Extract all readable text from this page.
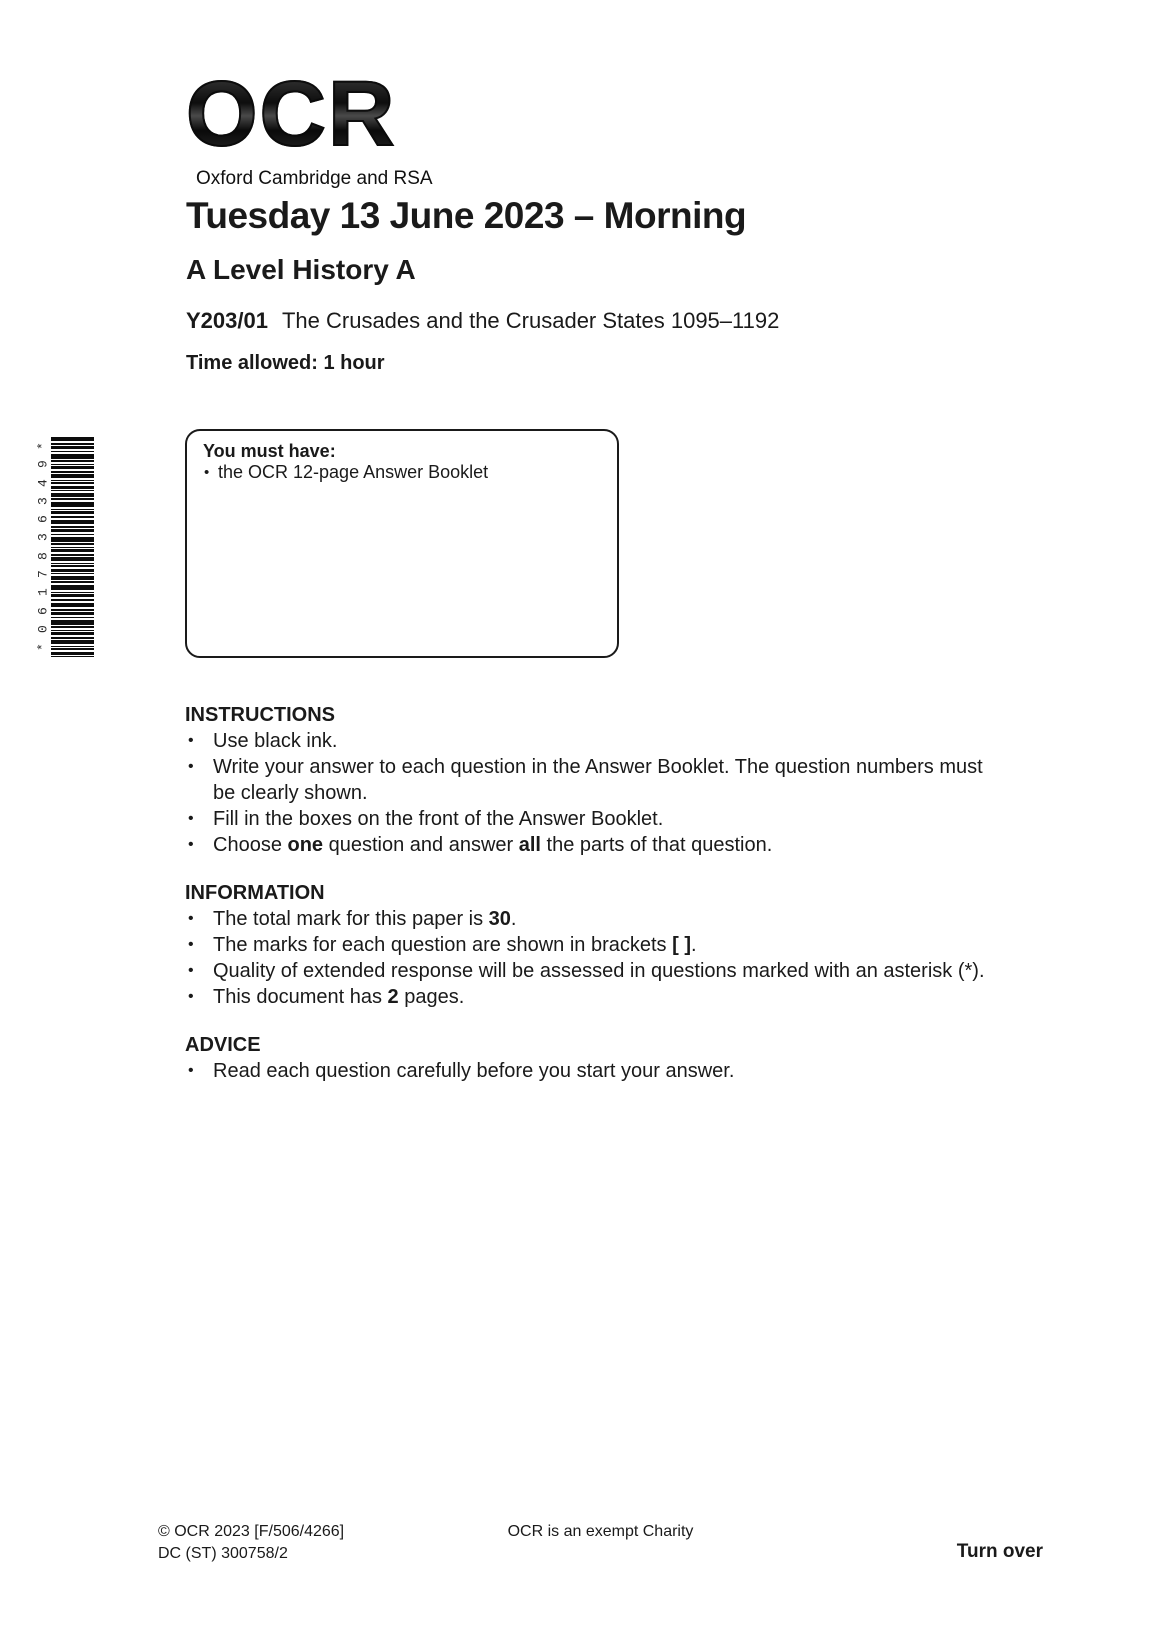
OCR
Oxford Cambridge and RSA
Tuesday 13 June 2023 – Morning
A Level History A
Y203/01 The Crusades and the Crusader States 1095–1192
Time allowed: 1 hour
*
9
4
3
6
3
8
7
1
6
0
*
You must have:
• the OCR 12-page Answer Booklet
INSTRUCTIONS
• Use black ink.
• Write your answer to each question in the Answer Booklet. The question numbers must
be clearly shown.
• Fill in the boxes on the front of the Answer Booklet.
• Choose one question and answer all the parts of that question.
INFORMATION
• The total mark for this paper is 30.
• The marks for each question are shown in brackets [ ].
• Quality of extended response will be assessed in questions marked with an asterisk (*).
• This document has 2 pages.
ADVICE
• Read each question carefully before you start your answer.
© OCR 2023 [F/506/4266]
DC (ST) 300758/2
OCR is an exempt Charity
Turn over
